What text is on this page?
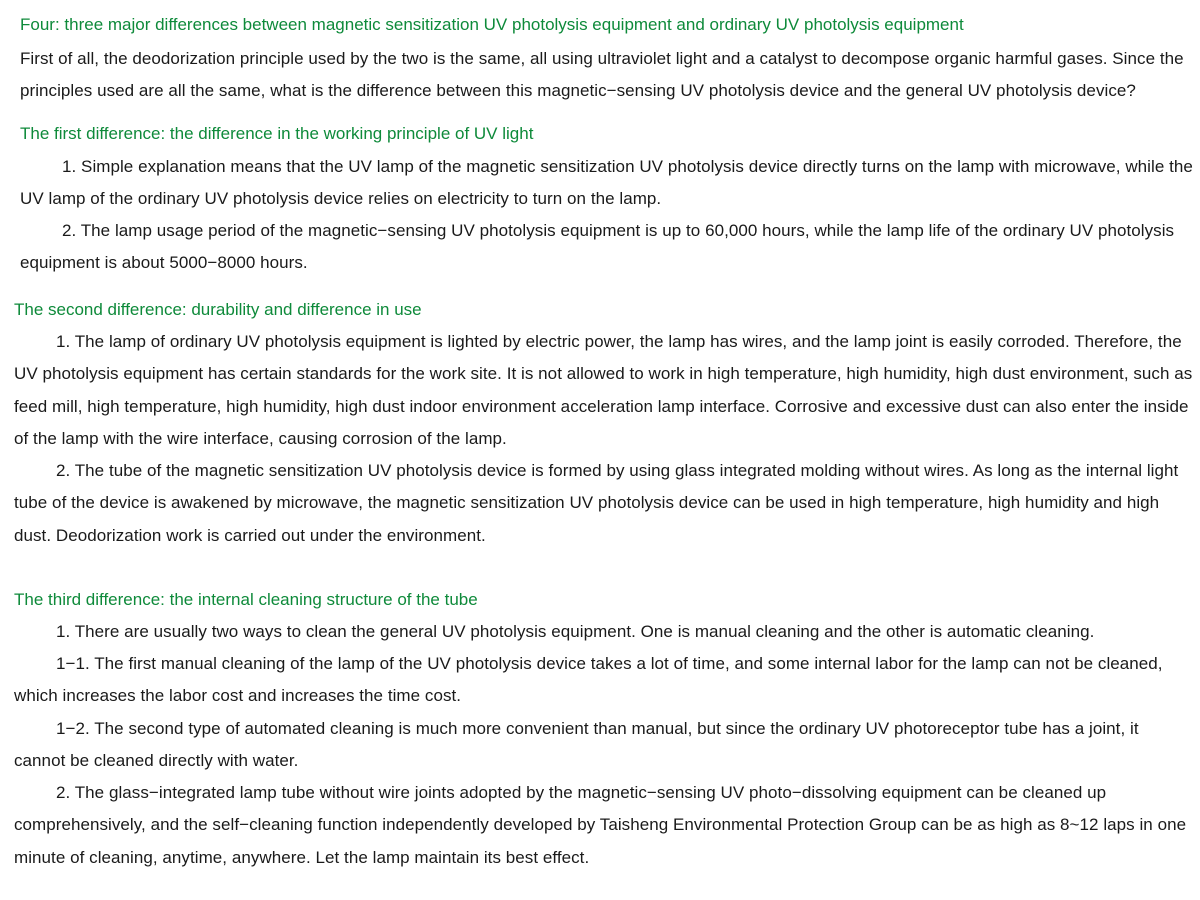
Four: three major differences between magnetic sensitization UV photolysis equipment and ordinary UV photolysis equipment

First of all, the deodorization principle used by the two is the same, all using ultraviolet light and a catalyst to decompose organic harmful gases. Since the principles used are all the same, what is the difference between this magnetic−sensing UV photolysis device and the general UV photolysis device?

The first difference: the difference in the working principle of UV light

1. Simple explanation means that the UV lamp of the magnetic sensitization UV photolysis device directly turns on the lamp with microwave, while the UV lamp of the ordinary UV photolysis device relies on electricity to turn on the lamp.

2. The lamp usage period of the magnetic−sensing UV photolysis equipment is up to 60,000 hours, while the lamp life of the ordinary UV photolysis equipment is about 5000−8000 hours.

The second difference: durability and difference in use

1. The lamp of ordinary UV photolysis equipment is lighted by electric power, the lamp has wires, and the lamp joint is easily corroded. Therefore, the UV photolysis equipment has certain standards for the work site. It is not allowed to work in high temperature, high humidity, high dust environment, such as feed mill, high temperature, high humidity, high dust indoor environment acceleration lamp interface. Corrosive and excessive dust can also enter the inside of the lamp with the wire interface, causing corrosion of the lamp.

2. The tube of the magnetic sensitization UV photolysis device is formed by using glass integrated molding without wires. As long as the internal light tube of the device is awakened by microwave, the magnetic sensitization UV photolysis device can be used in high temperature, high humidity and high dust. Deodorization work is carried out under the environment.

The third difference: the internal cleaning structure of the tube

1. There are usually two ways to clean the general UV photolysis equipment. One is manual cleaning and the other is automatic cleaning.

1−1. The first manual cleaning of the lamp of the UV photolysis device takes a lot of time, and some internal labor for the lamp can not be cleaned, which increases the labor cost and increases the time cost.

1−2. The second type of automated cleaning is much more convenient than manual, but since the ordinary UV photoreceptor tube has a joint, it cannot be cleaned directly with water.

2. The glass−integrated lamp tube without wire joints adopted by the magnetic−sensing UV photo−dissolving equipment can be cleaned up comprehensively, and the self−cleaning function independently developed by Taisheng Environmental Protection Group can be as high as 8~12 laps in one minute of cleaning, anytime, anywhere. Let the lamp maintain its best effect.
